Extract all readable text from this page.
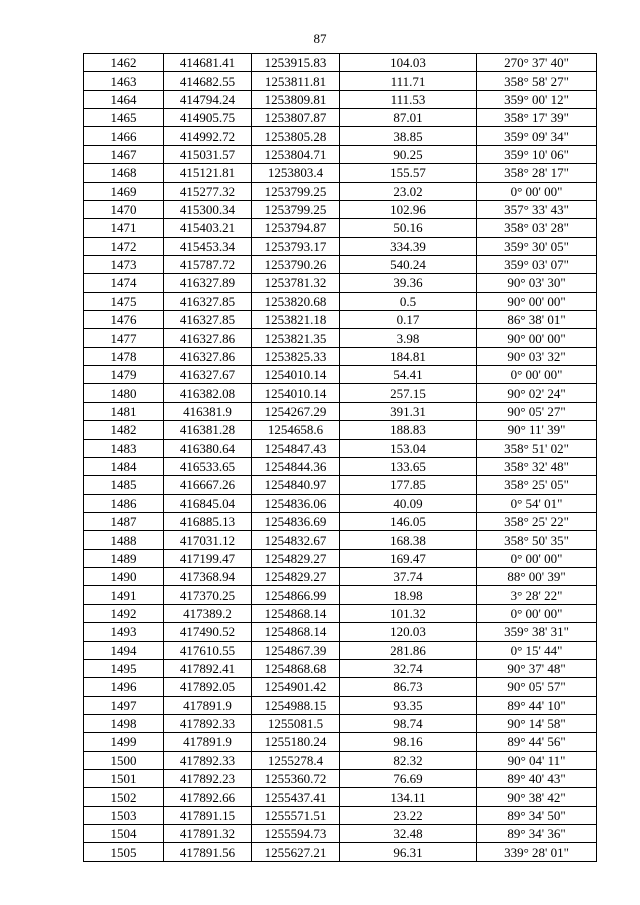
87
1462	414681.41	1253915.83	104.03	270° 37' 40"
1463	414682.55	1253811.81	111.71	358° 58' 27"
1464	414794.24	1253809.81	111.53	359° 00' 12"
1465	414905.75	1253807.87	87.01	358° 17' 39"
1466	414992.72	1253805.28	38.85	359° 09' 34"
1467	415031.57	1253804.71	90.25	359° 10' 06"
1468	415121.81	1253803.4	155.57	358° 28' 17"
1469	415277.32	1253799.25	23.02	0° 00' 00"
1470	415300.34	1253799.25	102.96	357° 33' 43"
1471	415403.21	1253794.87	50.16	358° 03' 28"
1472	415453.34	1253793.17	334.39	359° 30' 05"
1473	415787.72	1253790.26	540.24	359° 03' 07"
1474	416327.89	1253781.32	39.36	90° 03' 30"
1475	416327.85	1253820.68	0.5	90° 00' 00"
1476	416327.85	1253821.18	0.17	86° 38' 01"
1477	416327.86	1253821.35	3.98	90° 00' 00"
1478	416327.86	1253825.33	184.81	90° 03' 32"
1479	416327.67	1254010.14	54.41	0° 00' 00"
1480	416382.08	1254010.14	257.15	90° 02' 24"
1481	416381.9	1254267.29	391.31	90° 05' 27"
1482	416381.28	1254658.6	188.83	90° 11' 39"
1483	416380.64	1254847.43	153.04	358° 51' 02"
1484	416533.65	1254844.36	133.65	358° 32' 48"
1485	416667.26	1254840.97	177.85	358° 25' 05"
1486	416845.04	1254836.06	40.09	0° 54' 01"
1487	416885.13	1254836.69	146.05	358° 25' 22"
1488	417031.12	1254832.67	168.38	358° 50' 35"
1489	417199.47	1254829.27	169.47	0° 00' 00"
1490	417368.94	1254829.27	37.74	88° 00' 39"
1491	417370.25	1254866.99	18.98	3° 28' 22"
1492	417389.2	1254868.14	101.32	0° 00' 00"
1493	417490.52	1254868.14	120.03	359° 38' 31"
1494	417610.55	1254867.39	281.86	0° 15' 44"
1495	417892.41	1254868.68	32.74	90° 37' 48"
1496	417892.05	1254901.42	86.73	90° 05' 57"
1497	417891.9	1254988.15	93.35	89° 44' 10"
1498	417892.33	1255081.5	98.74	90° 14' 58"
1499	417891.9	1255180.24	98.16	89° 44' 56"
1500	417892.33	1255278.4	82.32	90° 04' 11"
1501	417892.23	1255360.72	76.69	89° 40' 43"
1502	417892.66	1255437.41	134.11	90° 38' 42"
1503	417891.15	1255571.51	23.22	89° 34' 50"
1504	417891.32	1255594.73	32.48	89° 34' 36"
1505	417891.56	1255627.21	96.31	339° 28' 01"
